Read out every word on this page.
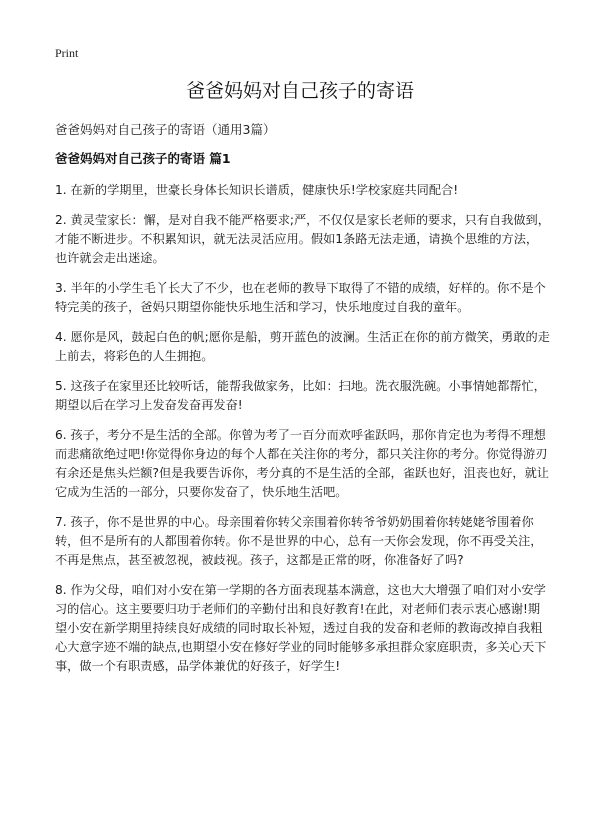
Print
爸爸妈妈对自己孩子的寄语

爸爸妈妈对自己孩子的寄语（通用3篇）

爸爸妈妈对自己孩子的寄语 篇1

1. 在新的学期里，世豪长身体长知识长谱质，健康快乐!学校家庭共同配合!

2. 黄灵莹家长：懈，是对自我不能严格要求;严，不仅仅是家长老师的要求，只有自我做到，才能不断进步。不积累知识，就无法灵活应用。假如1条路无法走通，请换个思维的方法，也许就会走出迷途。

3. 半年的小学生毛丫长大了不少，也在老师的教导下取得了不错的成绩，好样的。你不是个特完美的孩子，爸妈只期望你能快乐地生活和学习，快乐地度过自我的童年。

4. 愿你是风，鼓起白色的帆;愿你是船，剪开蓝色的波澜。生活正在你的前方微笑，勇敢的走上前去，将彩色的人生拥抱。

5. 这孩子在家里还比较听话，能帮我做家务，比如：扫地。洗衣服洗碗。小事情她都帮忙，期望以后在学习上发奋发奋再发奋!

6. 孩子，考分不是生活的全部。你曾为考了一百分而欢呼雀跃吗，那你肯定也为考得不理想而悲痛欲绝过吧!你觉得你身边的每个人都在关注你的考分，都只关注你的考分。你觉得游刃有余还是焦头烂额?但是我要告诉你，考分真的不是生活的全部，雀跃也好，沮丧也好，就让它成为生活的一部分，只要你发奋了，快乐地生活吧。

7. 孩子，你不是世界的中心。母亲围着你转父亲围着你转爷爷奶奶围着你转姥姥爷围着你转，但不是所有的人都围着你转。你不是世界的中心，总有一天你会发现，你不再受关注，不再是焦点，甚至被忽视，被歧视。孩子，这都是正常的呀，你准备好了吗?

8. 作为父母，咱们对小安在第一学期的各方面表现基本满意，这也大大增强了咱们对小安学习的信心。这主要要归功于老师们的辛勤付出和良好教育!在此，对老师们表示衷心感谢!期望小安在新学期里持续良好成绩的同时取长补短，透过自我的发奋和老师的教诲改掉自我粗心大意字迹不端的缺点,也期望小安在修好学业的同时能够多承担群众家庭职责，多关心天下事，做一个有职责感，品学体兼优的好孩子，好学生!
